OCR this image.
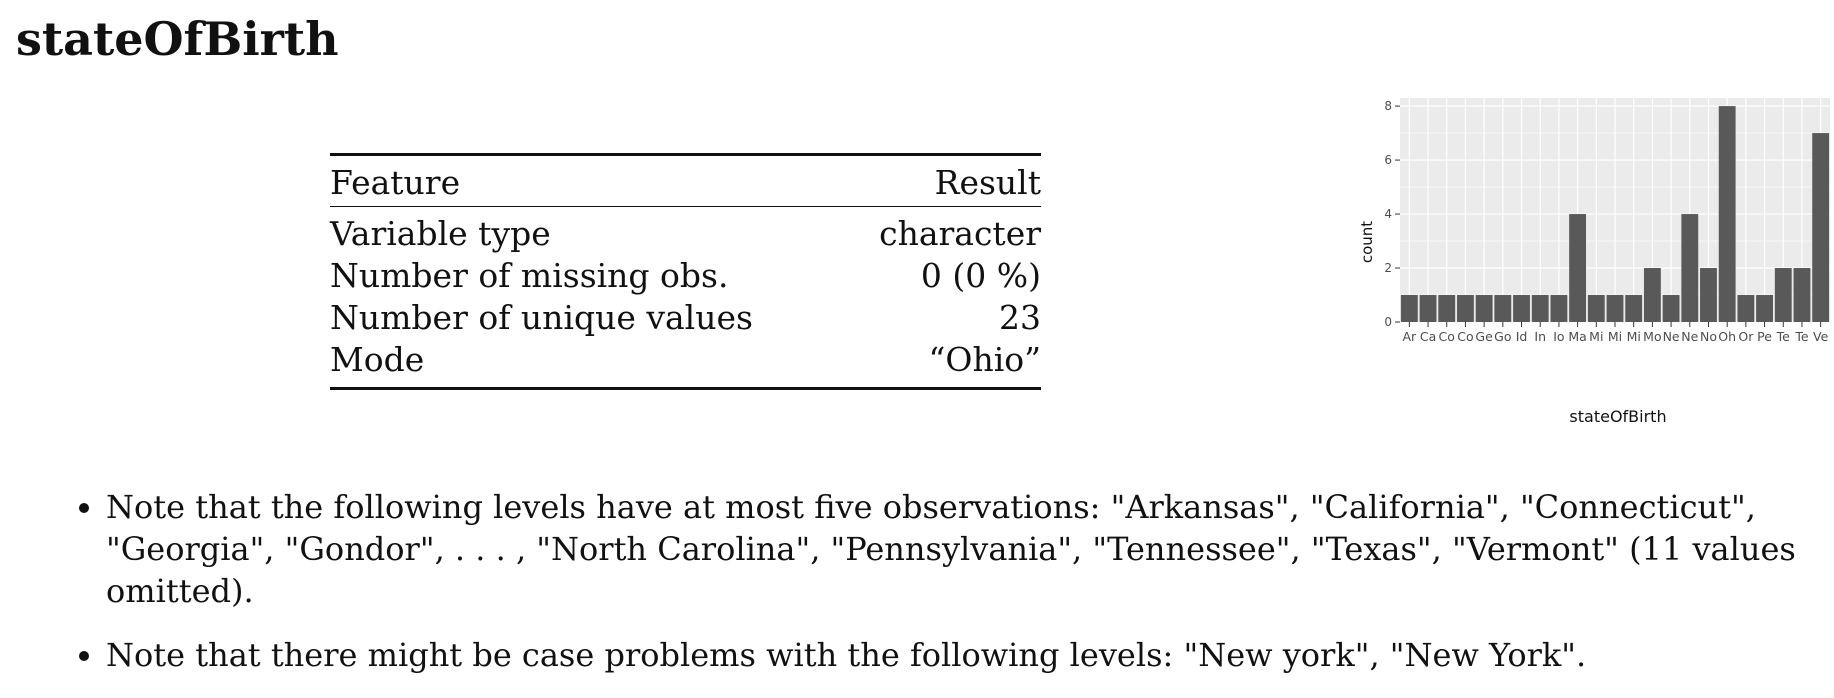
stateOfBirth
Feature	Result
Variable type	character
Number of missing obs.	0 (0 %)
Number of unique values	23
Mode	“Ohio”
0
2
4
6
8
Ar Ca Co Co Ge Go Id In Io Ma Mi Mi Mi Mo Ne Ne No Oh Or Pe Te Te Ve
count
stateOfBirth
• Note that the following levels have at most five observations: "Arkansas", "California", "Connecticut", "Georgia", "Gondor", . . . , "North Carolina", "Pennsylvania", "Tennessee", "Texas", "Vermont" (11 values omitted).
• Note that there might be case problems with the following levels: "New york", "New York".
